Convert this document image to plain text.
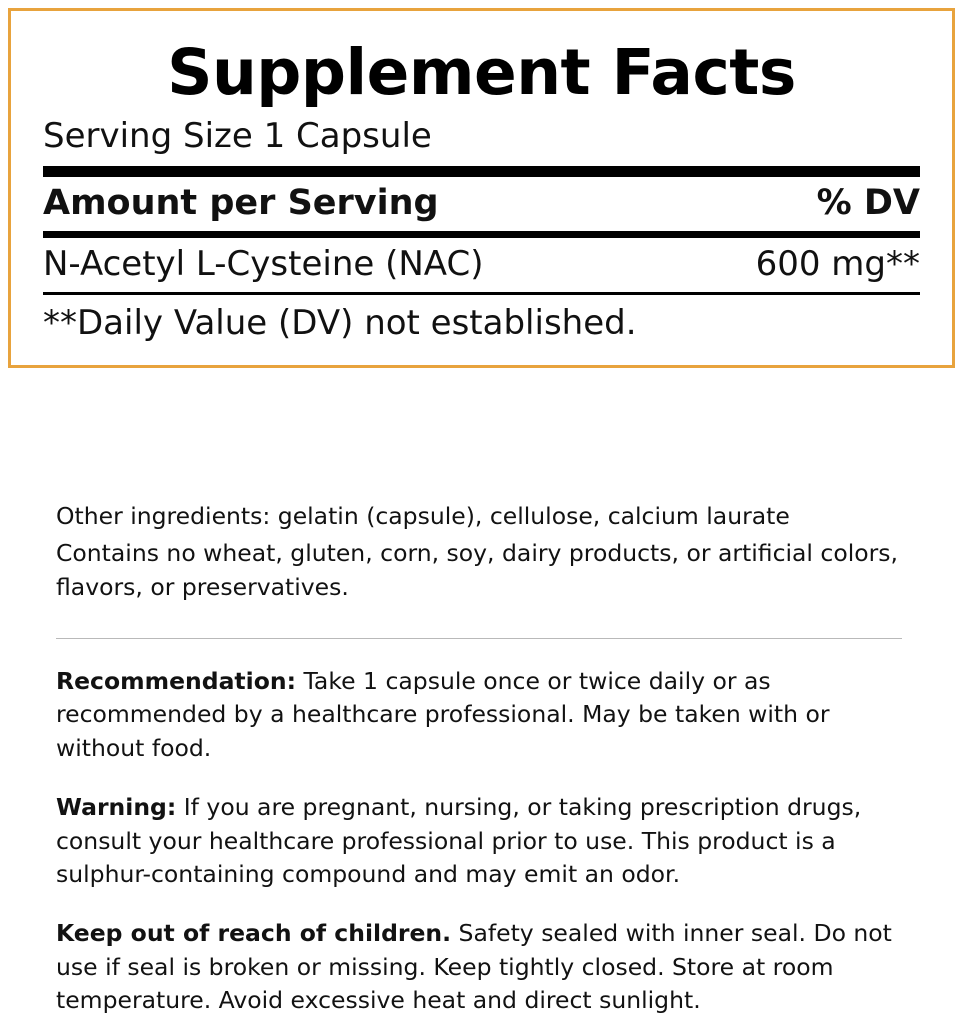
Supplement Facts
Serving Size 1 Capsule
Amount per Serving	% DV
N-Acetyl L-Cysteine (NAC)	600 mg**
**Daily Value (DV) not established.

Other ingredients: gelatin (capsule), cellulose, calcium laurate

Contains no wheat, gluten, corn, soy, dairy products, or artificial colors, flavors, or preservatives.

Recommendation: Take 1 capsule once or twice daily or as recommended by a healthcare professional. May be taken with or without food.

Warning: If you are pregnant, nursing, or taking prescription drugs, consult your healthcare professional prior to use. This product is a sulphur-containing compound and may emit an odor.

Keep out of reach of children. Safety sealed with inner seal. Do not use if seal is broken or missing. Keep tightly closed. Store at room temperature. Avoid excessive heat and direct sunlight.
